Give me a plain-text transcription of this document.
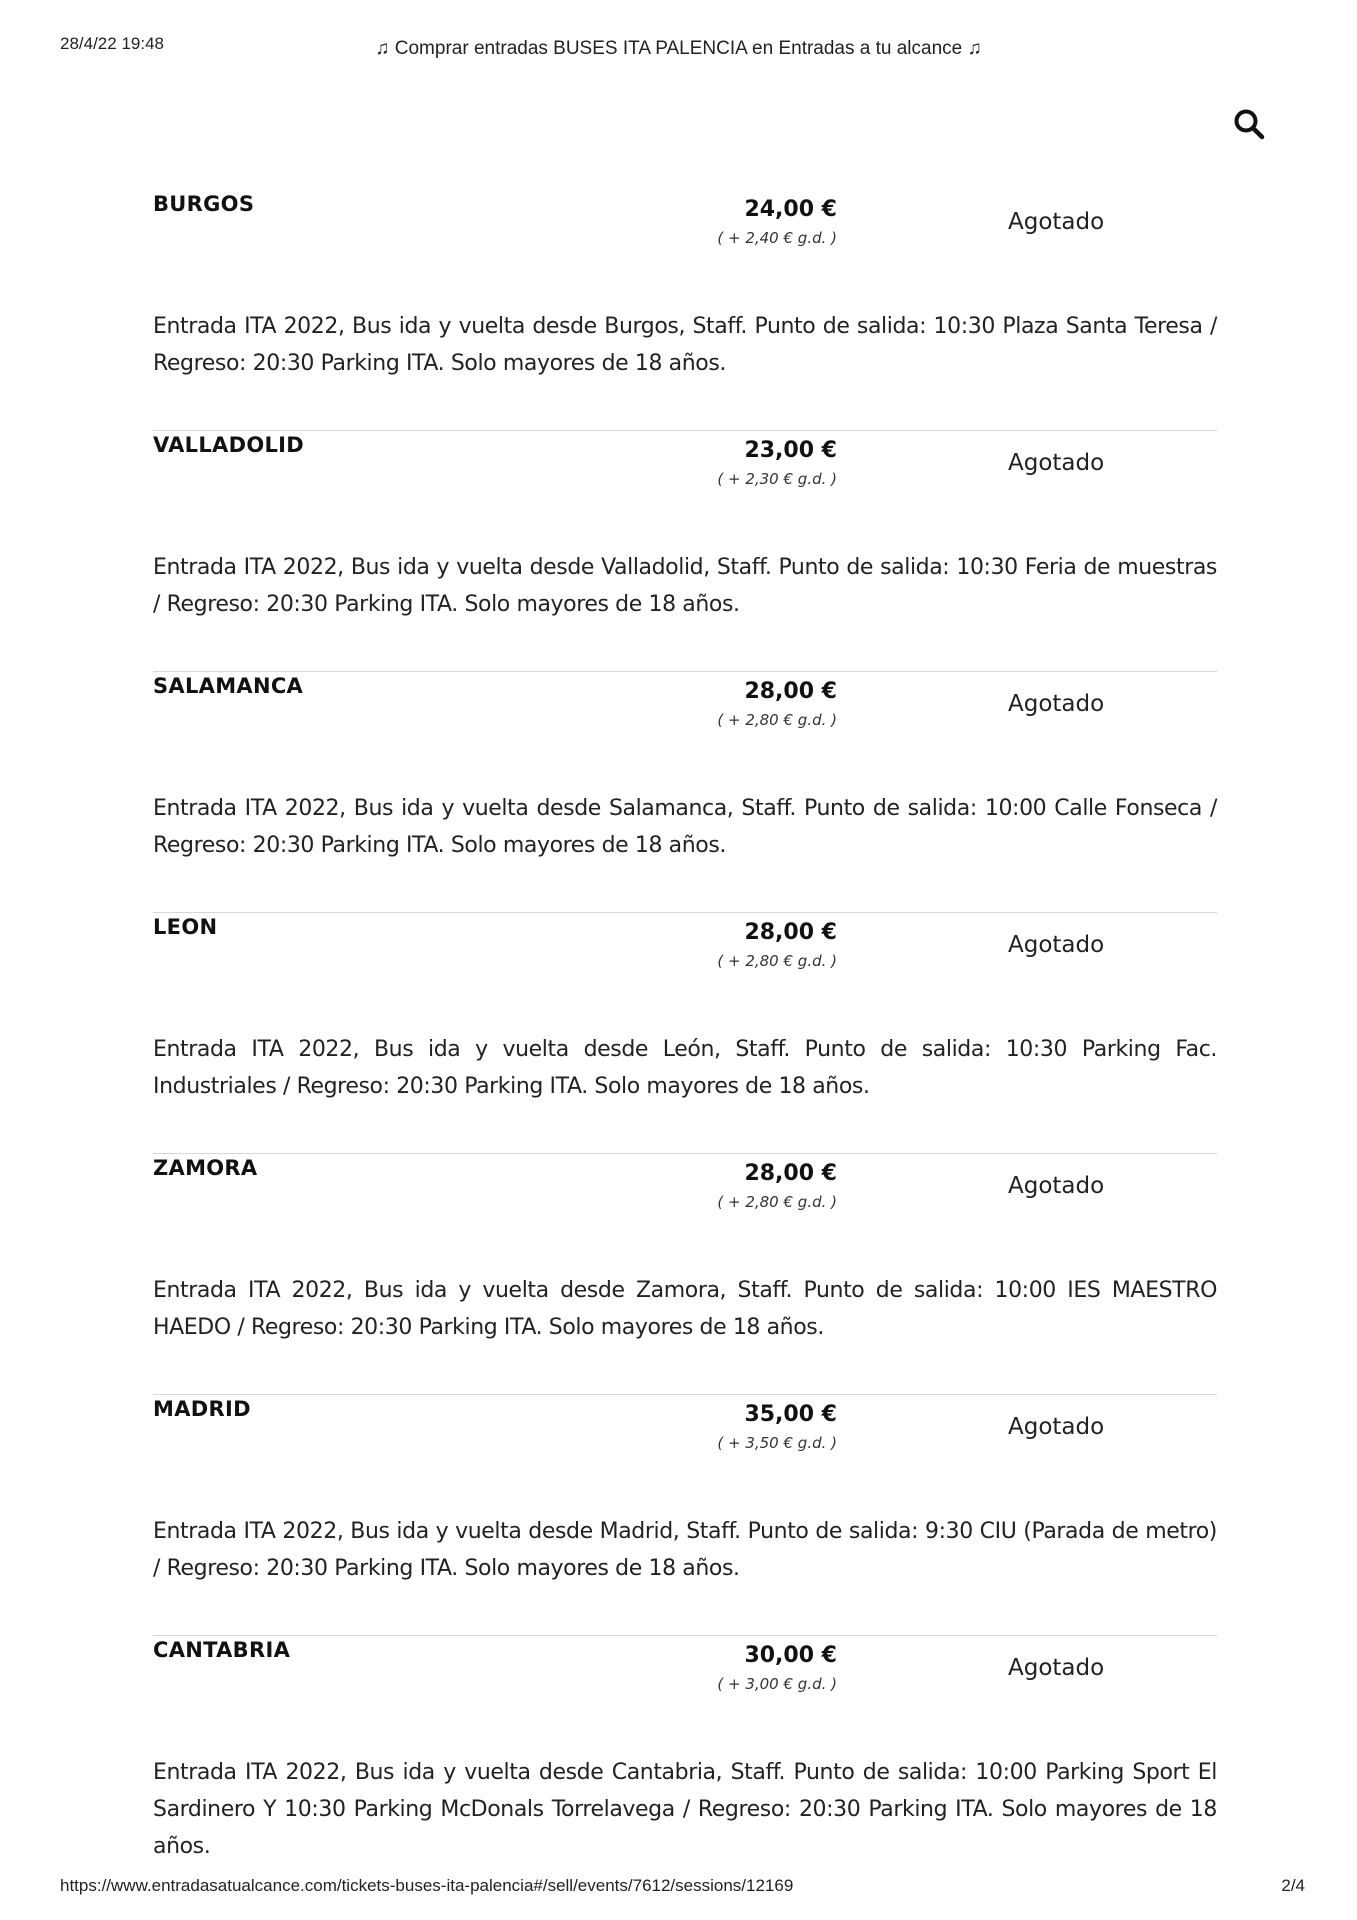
28/4/22 19:48	♫ Comprar entradas BUSES ITA PALENCIA en Entradas a tu alcance ♫
BURGOS	24,00 €
( + 2,40 € g.d. )
Agotado
Entrada ITA 2022, Bus ida y vuelta desde Burgos, Staff. Punto de salida: 10:30 Plaza Santa Teresa / Regreso: 20:30 Parking ITA. Solo mayores de 18 años.
VALLADOLID	23,00 €
( + 2,30 € g.d. )
Agotado
Entrada ITA 2022, Bus ida y vuelta desde Valladolid, Staff. Punto de salida: 10:30 Feria de muestras / Regreso: 20:30 Parking ITA. Solo mayores de 18 años.
SALAMANCA	28,00 €
( + 2,80 € g.d. )
Agotado
Entrada ITA 2022, Bus ida y vuelta desde Salamanca, Staff. Punto de salida: 10:00 Calle Fonseca / Regreso: 20:30 Parking ITA. Solo mayores de 18 años.
LEON	28,00 €
( + 2,80 € g.d. )
Agotado
Entrada ITA 2022, Bus ida y vuelta desde León, Staff. Punto de salida: 10:30 Parking Fac. Industriales / Regreso: 20:30 Parking ITA. Solo mayores de 18 años.
ZAMORA	28,00 €
( + 2,80 € g.d. )
Agotado
Entrada ITA 2022, Bus ida y vuelta desde Zamora, Staff. Punto de salida: 10:00 IES MAESTRO HAEDO / Regreso: 20:30 Parking ITA. Solo mayores de 18 años.
MADRID	35,00 €
( + 3,50 € g.d. )
Agotado
Entrada ITA 2022, Bus ida y vuelta desde Madrid, Staff. Punto de salida: 9:30 CIU (Parada de metro) / Regreso: 20:30 Parking ITA. Solo mayores de 18 años.
CANTABRIA	30,00 €
( + 3,00 € g.d. )
Agotado
Entrada ITA 2022, Bus ida y vuelta desde Cantabria, Staff. Punto de salida: 10:00 Parking Sport El Sardinero Y 10:30 Parking McDonals Torrelavega / Regreso: 20:30 Parking ITA. Solo mayores de 18 años.
https://www.entradasatualcance.com/tickets-buses-ita-palencia#/sell/events/7612/sessions/12169	2/4
